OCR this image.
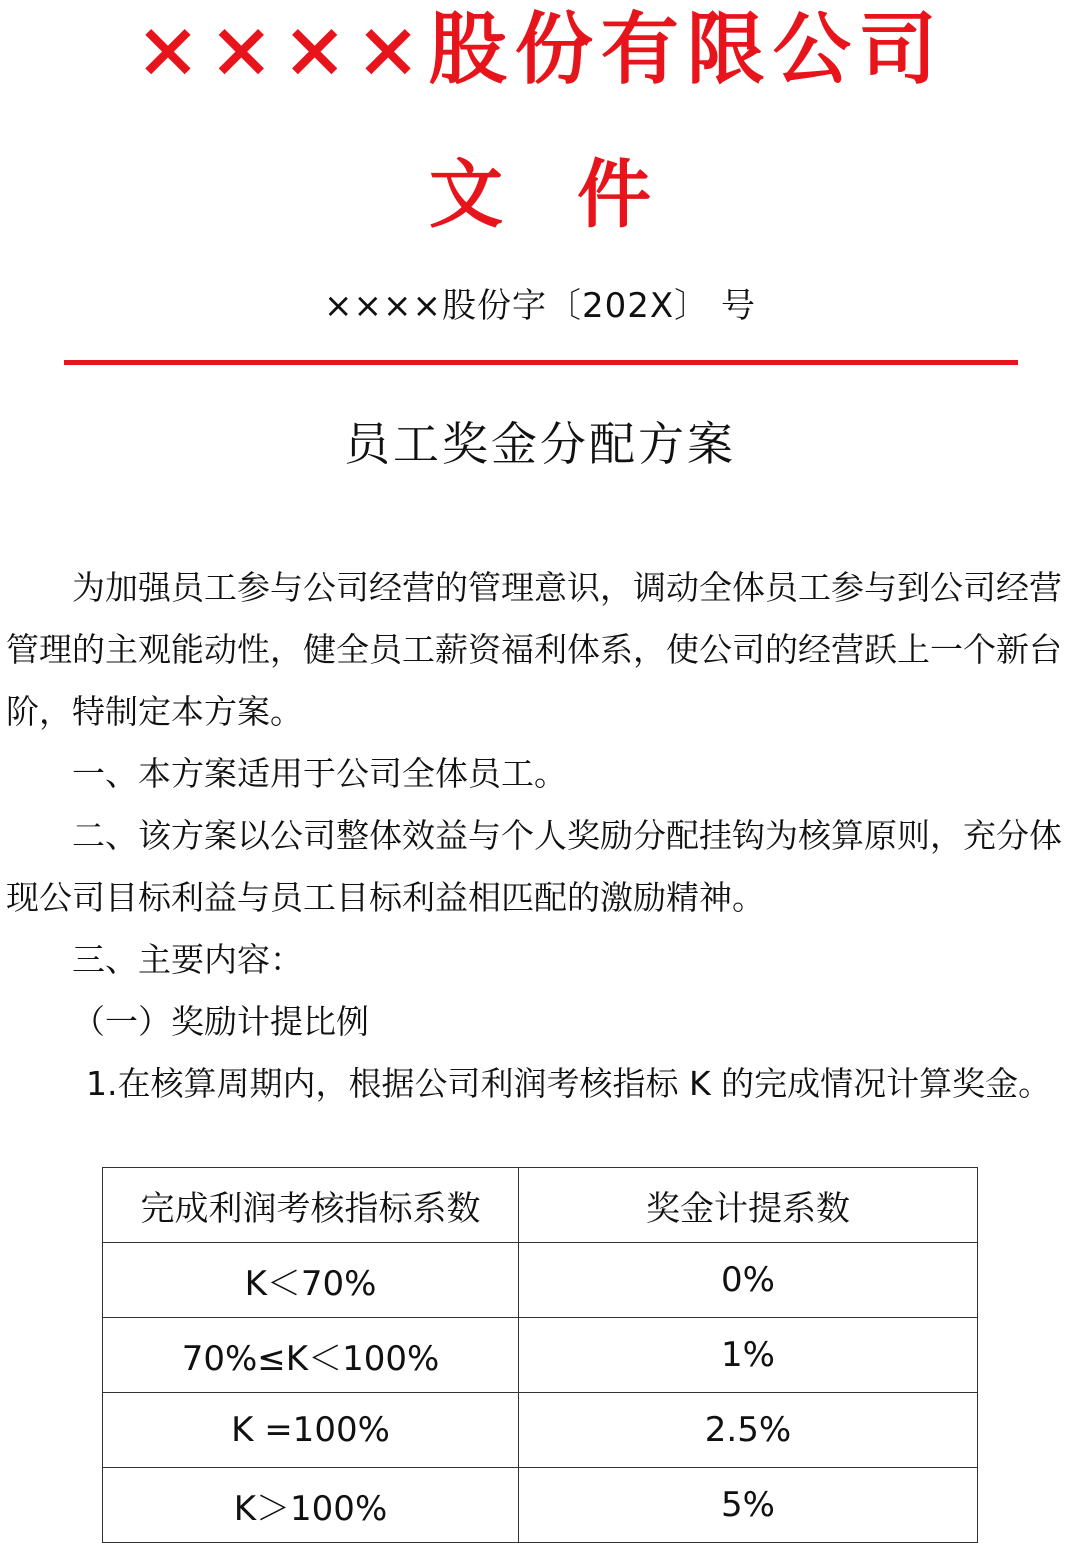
××××股份有限公司
文　件
××××股份字〔202X〕 号
员工奖金分配方案

为加强员工参与公司经营的管理意识，调动全体员工参与到公司经营管理的主观能动性，健全员工薪资福利体系，使公司的经营跃上一个新台阶，特制定本方案。

一、本方案适用于公司全体员工。

二、该方案以公司整体效益与个人奖励分配挂钩为核算原则，充分体现公司目标利益与员工目标利益相匹配的激励精神。

三、主要内容：

（一）奖励计提比例

1.在核算周期内，根据公司利润考核指标 K 的完成情况计算奖金。

完成利润考核指标系数	奖金计提系数
K＜70%	0%
70%≤K＜100%	1%
K =100%	2.5%
K＞100%	5%
